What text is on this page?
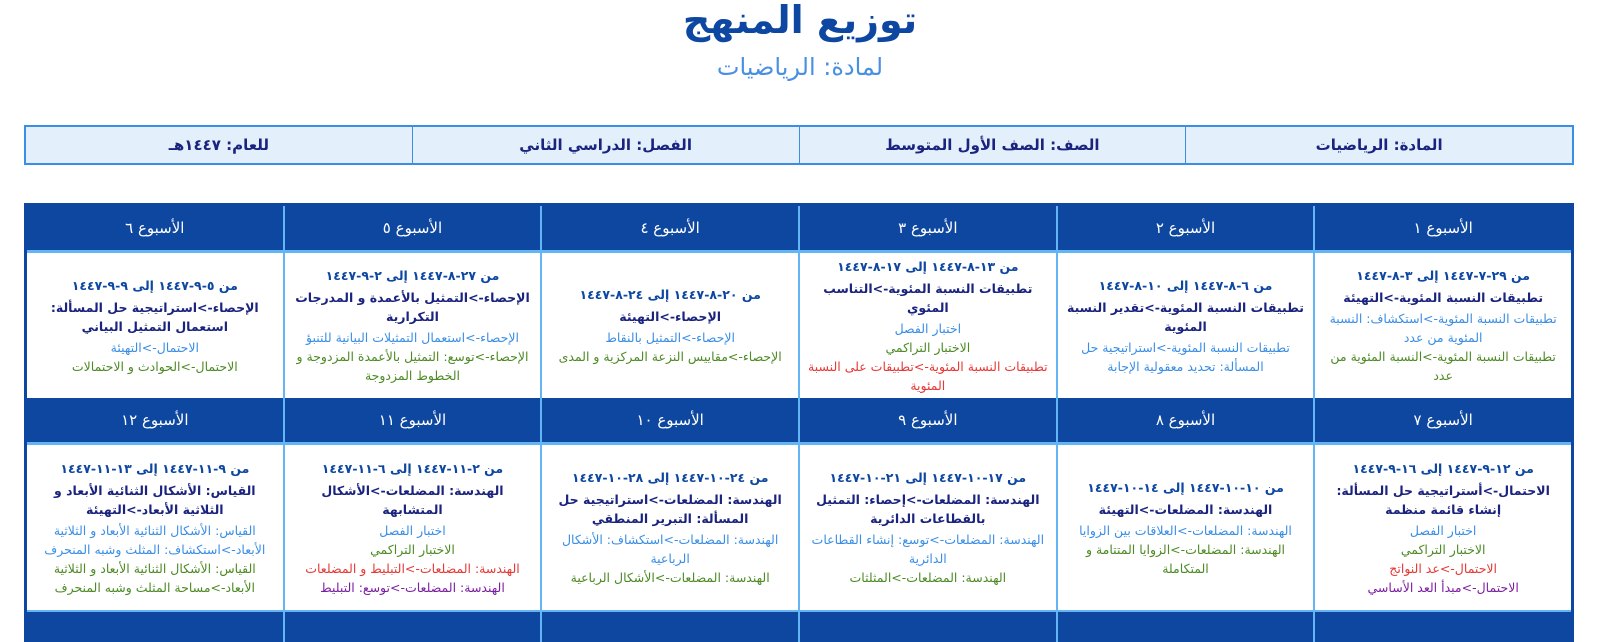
توزيع المنهج
لمادة: الرياضيات
المادة: الرياضيات
الصف: الصف الأول المتوسط
الفصل: الدراسي الثاني
للعام: ١٤٤٧هـ
الأسبوع ١
الأسبوع ٢
الأسبوع ٣
الأسبوع ٤
الأسبوع ٥
الأسبوع ٦
من ٢٩-٧-١٤٤٧ إلى ٣-٨-١٤٤٧
تطبيقات النسبة المئوية->التهيئة
تطبيقات النسبة المئوية->استكشاف: النسبة المئوية من عدد
تطبيقات النسبة المئوية->النسبة المئوية من عدد
من ٦-٨-١٤٤٧ إلى ١٠-٨-١٤٤٧
تطبيقات النسبة المئوية->تقدير النسبة المئوية
تطبيقات النسبة المئوية->استراتيجية حل المسألة: تحديد معقولية الإجابة
من ١٣-٨-١٤٤٧ إلى ١٧-٨-١٤٤٧
تطبيقات النسبة المئوية->التناسب المئوي
اختبار الفصل
الاختبار التراكمي
تطبيقات النسبة المئوية->تطبيقات على النسبة المئوية
من ٢٠-٨-١٤٤٧ إلى ٢٤-٨-١٤٤٧
الإحصاء->التهيئة
الإحصاء->التمثيل بالنقاط
الإحصاء->مقاييس النزعة المركزية و المدى
من ٢٧-٨-١٤٤٧ إلى ٢-٩-١٤٤٧
الإحصاء->التمثيل بالأعمدة و المدرجات التكرارية
الإحصاء->استعمال التمثيلات البيانية للتنبؤ
الإحصاء->توسع: التمثيل بالأعمدة المزدوجة و الخطوط المزدوجة
من ٥-٩-١٤٤٧ إلى ٩-٩-١٤٤٧
الإحصاء->استراتيجية حل المسألة: استعمال التمثيل البياني
الاحتمال->التهيئة
الاحتمال->الحوادث و الاحتمالات
الأسبوع ٧
الأسبوع ٨
الأسبوع ٩
الأسبوع ١٠
الأسبوع ١١
الأسبوع ١٢
من ١٢-٩-١٤٤٧ إلى ١٦-٩-١٤٤٧
الاحتمال->أستراتيجية حل المسألة: إنشاء قائمة منظمة
اختبار الفصل
الاختبار التراكمي
الاحتمال->عد النواتج
الاحتمال->مبدأ العد الأساسي
من ١٠-١٠-١٤٤٧ إلى ١٤-١٠-١٤٤٧
الهندسة: المضلعات->التهيئة
الهندسة: المضلعات->العلاقات بين الزوايا
الهندسة: المضلعات->الزوايا المتتامة و المتكاملة
من ١٧-١٠-١٤٤٧ إلى ٢١-١٠-١٤٤٧
الهندسة: المضلعات->إحصاء: التمثيل بالقطاعات الدائرية
الهندسة: المضلعات->توسع: إنشاء القطاعات الدائرية
الهندسة: المضلعات->المثلثات
من ٢٤-١٠-١٤٤٧ إلى ٢٨-١٠-١٤٤٧
الهندسة: المضلعات->استراتيجية حل المسألة: التبرير المنطقي
الهندسة: المضلعات->استكشاف: الأشكال الرباعية
الهندسة: المضلعات->الأشكال الرباعية
من ٢-١١-١٤٤٧ إلى ٦-١١-١٤٤٧
الهندسة: المضلعات->الأشكال المتشابهة
اختبار الفصل
الاختبار التراكمي
الهندسة: المضلعات->التبليط و المضلعات
الهندسة: المضلعات->توسع: التبليط
من ٩-١١-١٤٤٧ إلى ١٣-١١-١٤٤٧
القياس: الأشكال الثنائية الأبعاد و الثلاثية الأبعاد->التهيئة
القياس: الأشكال الثنائية الأبعاد و الثلاثية الأبعاد->استكشاف: المثلث وشبه المنحرف
القياس: الأشكال الثنائية الأبعاد و الثلاثية الأبعاد->مساحة المثلث وشبه المنحرف
